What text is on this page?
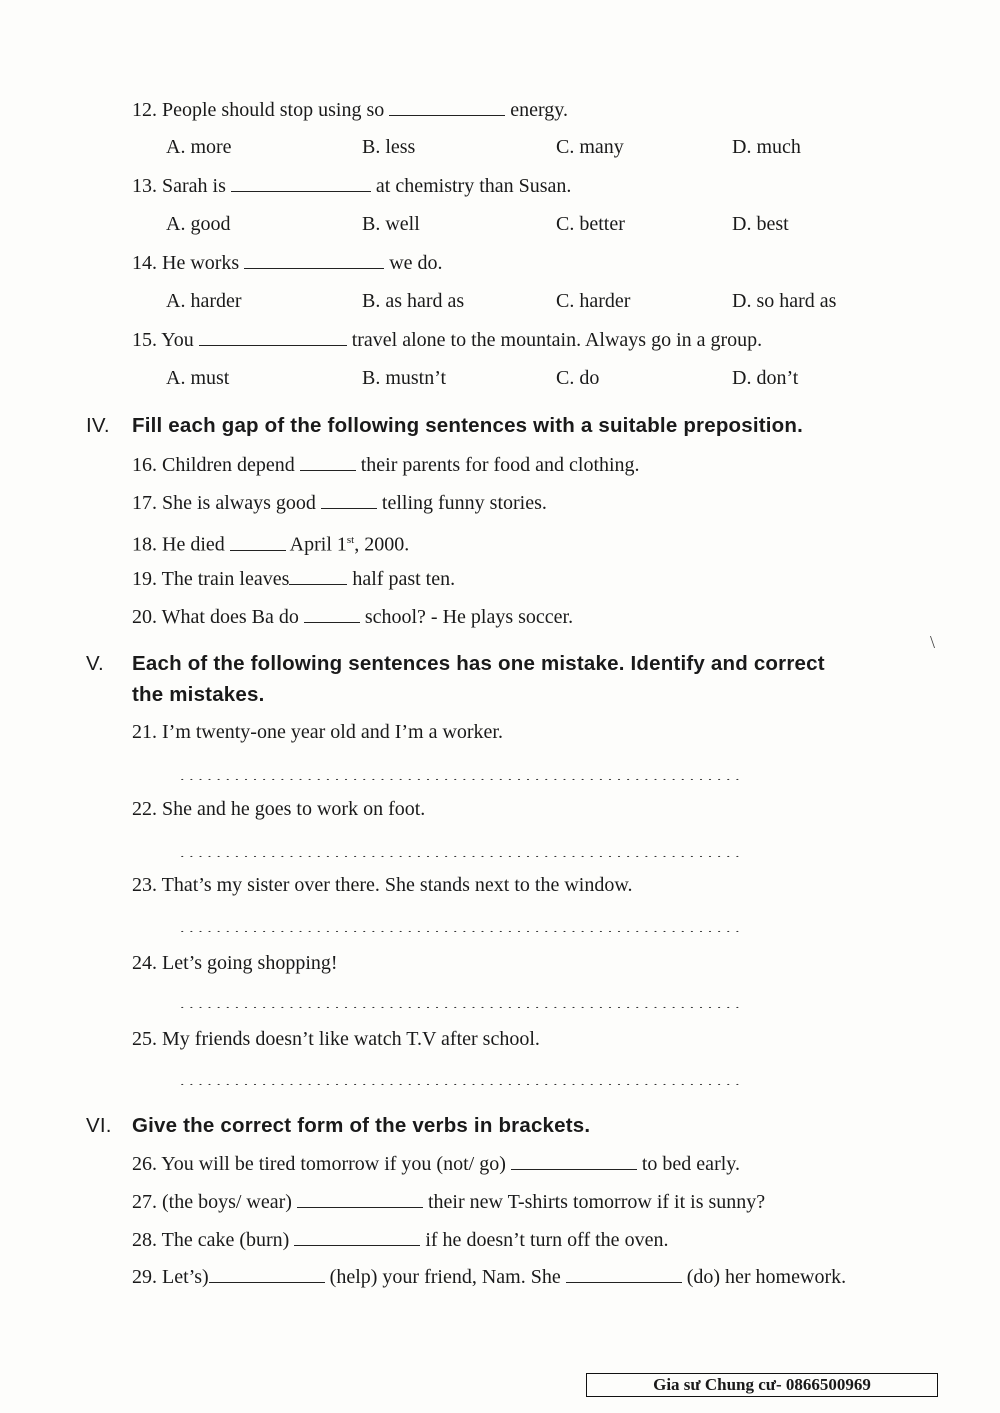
12. People should stop using so	energy.
A. more	B. less	C. many	D. much
13. Sarah is	at chemistry than Susan.
A. good	B. well	C. better	D. best
14. He works	we do.
A. harder	B. as hard as	C. harder	D. so hard as
15. You	travel alone to the mountain. Always go in a group.
A. must	B. mustn’t	C. do	D. don’t
IV. Fill each gap of the following sentences with a suitable preposition.
16. Children depend	their parents for food and clothing.
17. She is always good	telling funny stories.
18. He died	April 1st, 2000.
19. The train leaves	half past ten.
20. What does Ba do	school? - He plays soccer.
\
V. Each of the following sentences has one mistake. Identify and correct
the mistakes.
21. I’m twenty-one year old and I’m a worker.
..............................................................
22. She and he goes to work on foot.
..............................................................
23. That’s my sister over there. She stands next to the window.
..............................................................
24. Let’s going shopping!
..............................................................
25. My friends doesn’t like watch T.V after school.
..............................................................
VI. Give the correct form of the verbs in brackets.
26. You will be tired tomorrow if you (not/ go)	to bed early.
27. (the boys/ wear)	their new T-shirts tomorrow if it is sunny?
28. The cake (burn)	if he doesn’t turn off the oven.
29. Let’s)	(help) your friend, Nam. She	(do) her homework.
Gia sư Chung cư- 0866500969
